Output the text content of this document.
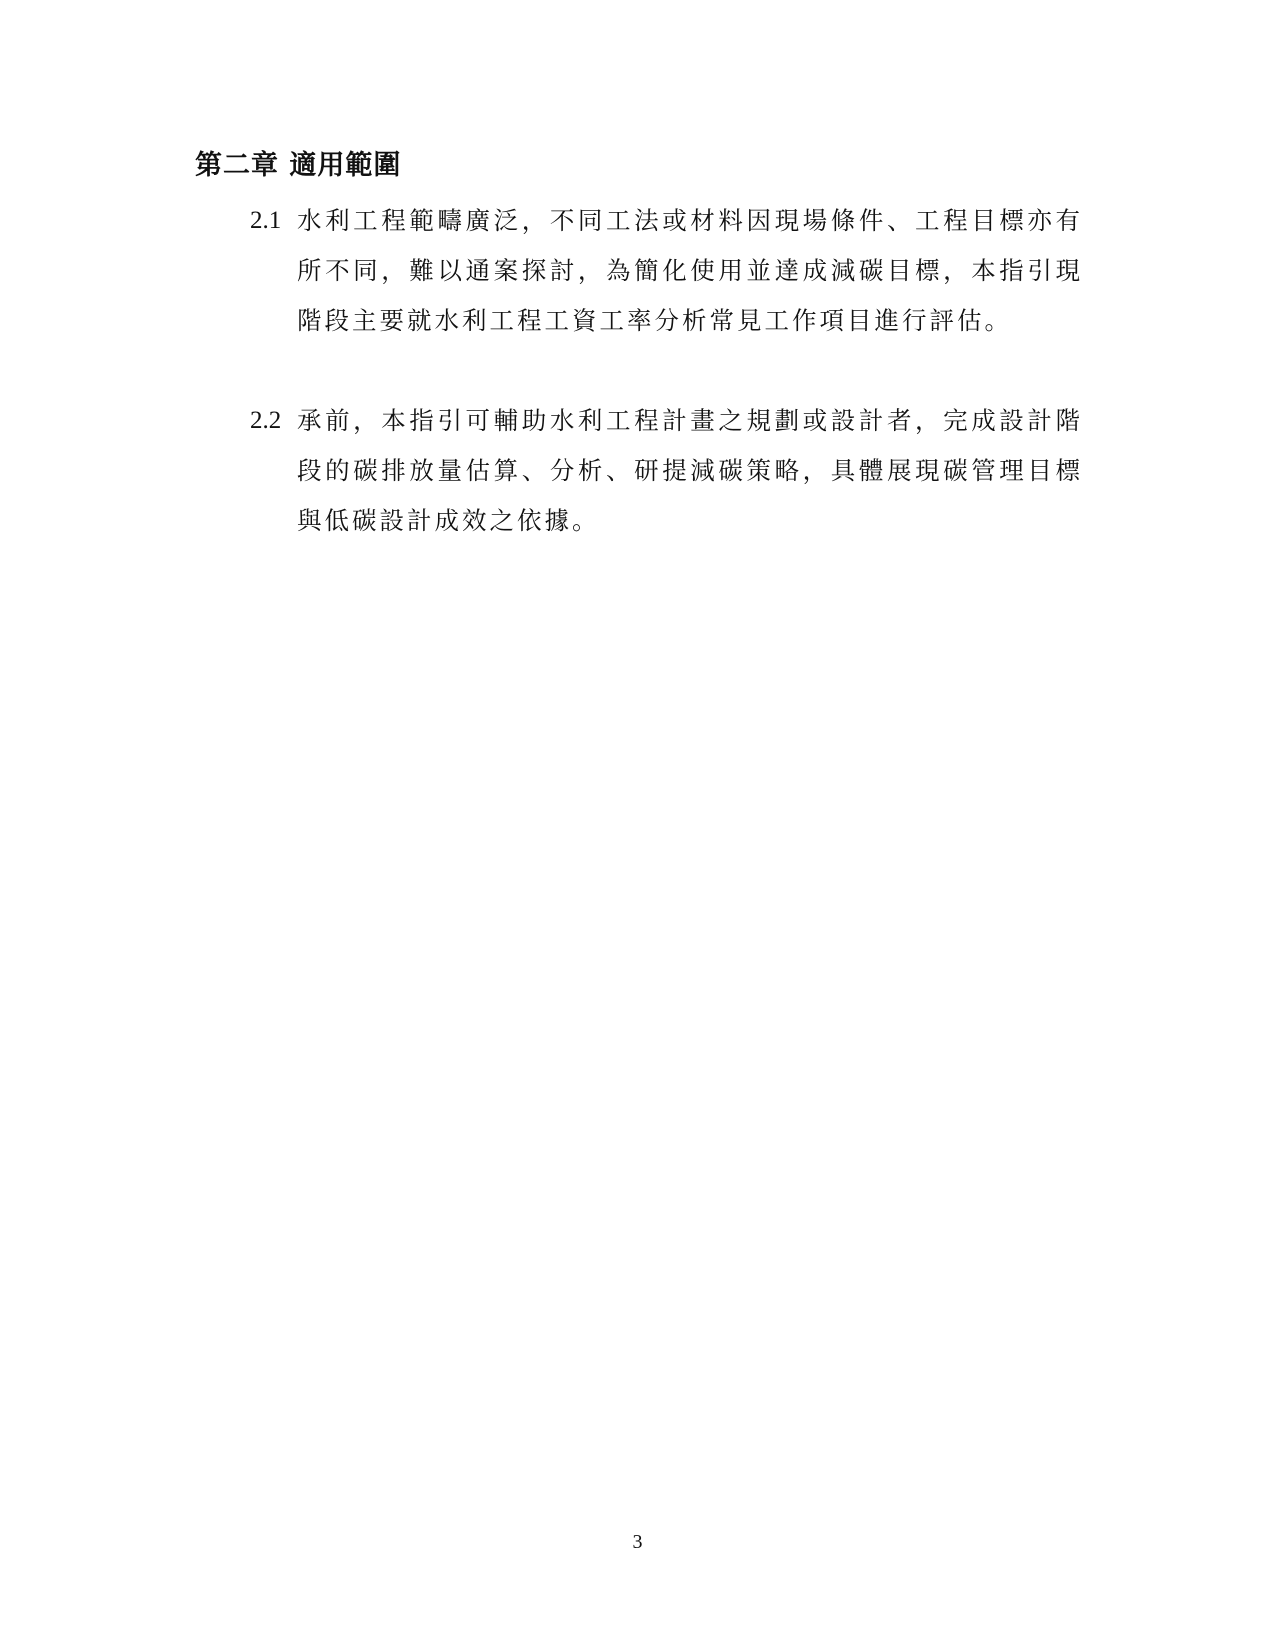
第二章 適用範圍
2.1 水利工程範疇廣泛，不同工法或材料因現場條件、工程目標亦有所不同，難以通案探討，為簡化使用並達成減碳目標，本指引現階段主要就水利工程工資工率分析常見工作項目進行評估。
2.2 承前，本指引可輔助水利工程計畫之規劃或設計者，完成設計階段的碳排放量估算、分析、研提減碳策略，具體展現碳管理目標與低碳設計成效之依據。
3
